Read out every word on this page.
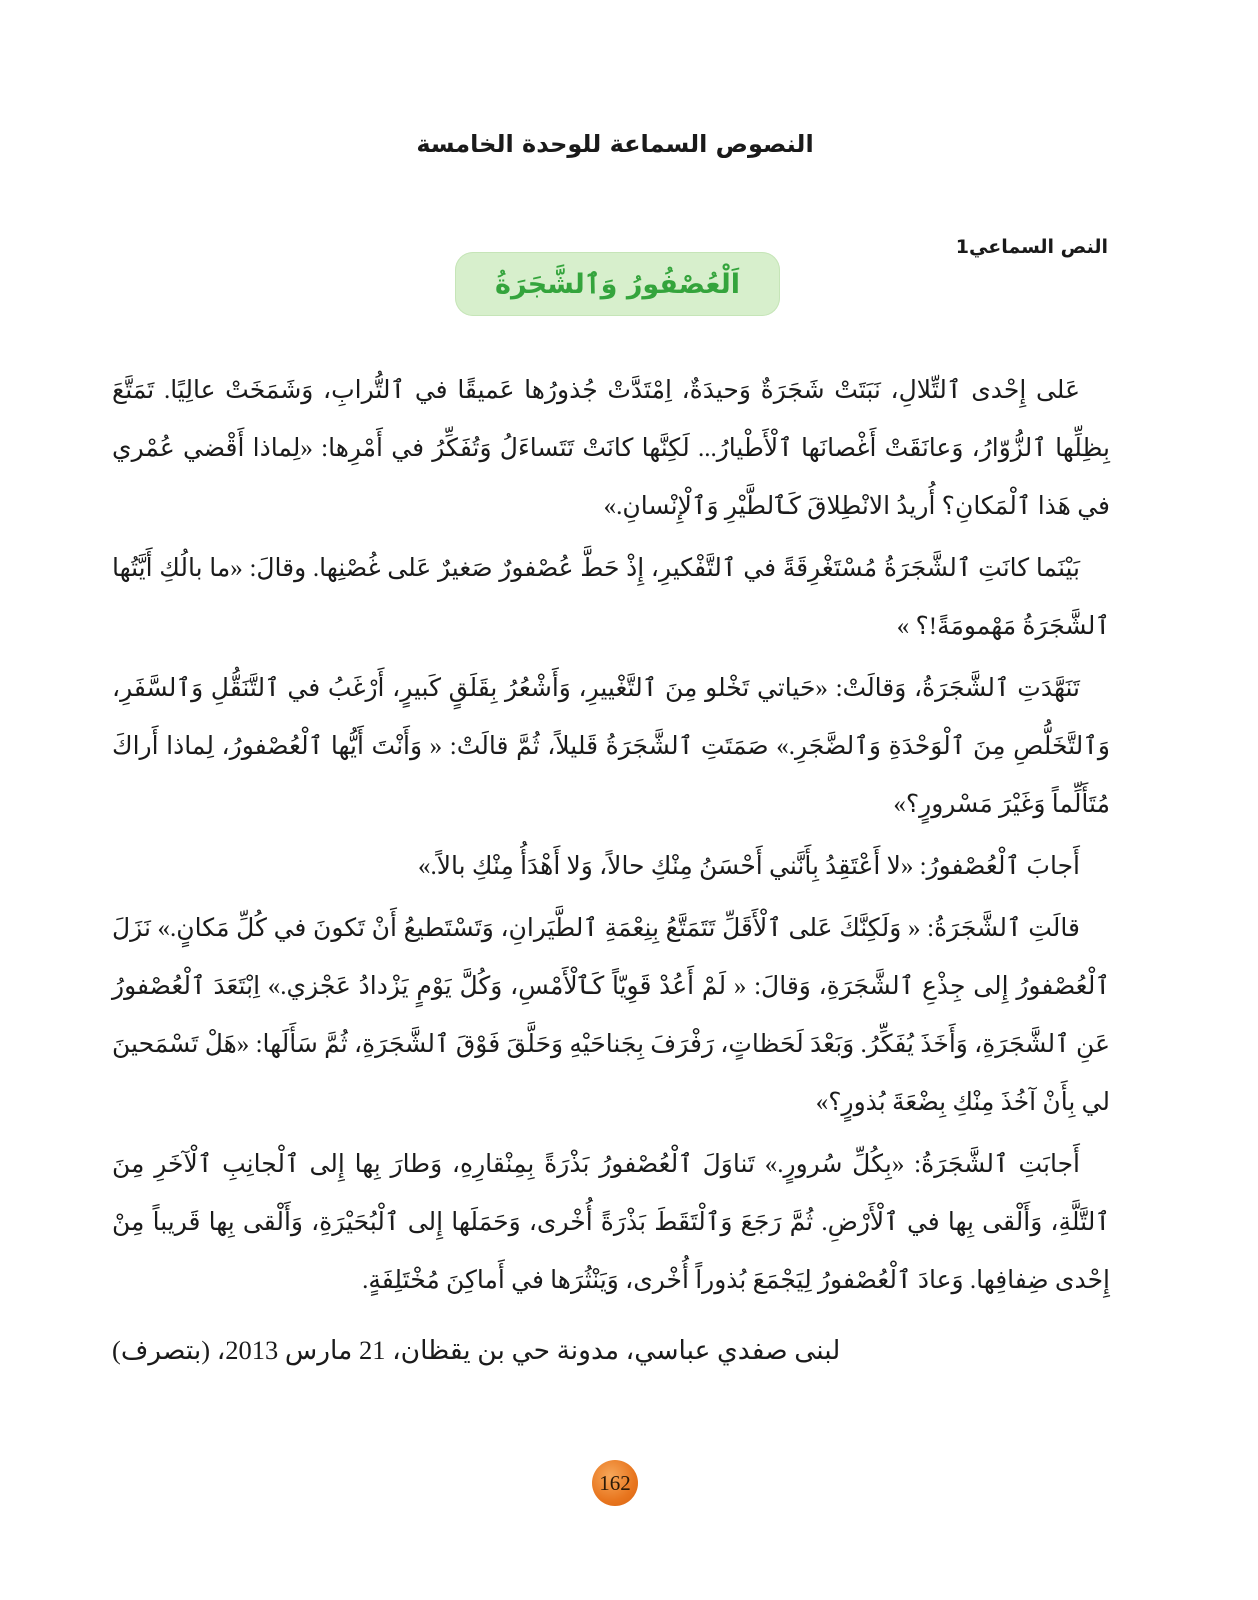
النصوص السماعة للوحدة الخامسة
النص السماعي1
اَلْعُصْفُورُ وَٱلشَّجَرَةُ

عَلى إِحْدى ٱلتِّلالِ، نَبَتَتْ شَجَرَةٌ وَحيدَةٌ، اِمْتَدَّتْ جُذورُها عَميقًا في ٱلتُّرابِ، وَشَمَخَتْ عالِيًا. تَمَتَّعَ بِظِلِّها ٱلزُّوّارُ، وَعانَقَتْ أَغْصانَها ٱلْأَطْيارُ... لَكِنَّها كانَتْ تَتَساءَلُ وَتُفَكِّرُ في أَمْرِها: «لِماذا أَقْضي عُمْري في هَذا ٱلْمَكانِ؟ أُريدُ الانْطِلاقَ كَٱلطَّيْرِ وَٱلْإِنْسانِ.»

بَيْنَما كانَتِ ٱلشَّجَرَةُ مُسْتَغْرِقَةً في ٱلتَّفْكيرِ، إِذْ حَطَّ عُصْفورٌ صَغيرٌ عَلى غُصْنِها. وقالَ: «ما بالُكِ أَيَّتُها ٱلشَّجَرَةُ مَهْمومَةً!؟ »

تَنَهَّدَتِ ٱلشَّجَرَةُ، وَقالَتْ: «حَياتي تَخْلو مِنَ ٱلتَّغْييرِ، وَأَشْعُرُ بِقَلَقٍ كَبيرٍ، أَرْغَبُ في ٱلتَّنَقُّلِ وَٱلسَّفَرِ، وَٱلتَّخَلُّصِ مِنَ ٱلْوَحْدَةِ وَٱلضَّجَرِ.» صَمَتَتِ ٱلشَّجَرَةُ قَليلاً، ثُمَّ قالَتْ: « وَأَنْتَ أَيُّها ٱلْعُصْفورُ، لِماذا أَراكَ مُتَأَلِّماً وَغَيْرَ مَسْرورٍ؟»

أَجابَ ٱلْعُصْفورُ: «لا أَعْتَقِدُ بِأَنَّني أَحْسَنُ مِنْكِ حالاً، وَلا أَهْدَأُ مِنْكِ بالاً.»

قالَتِ ٱلشَّجَرَةُ: « وَلَكِنَّكَ عَلى ٱلْأَقَلِّ تَتَمَتَّعُ بِنِعْمَةِ ٱلطَّيَرانِ، وَتَسْتَطيعُ أَنْ تَكونَ في كُلِّ مَكانٍ.» نَزَلَ ٱلْعُصْفورُ إِلى جِذْعِ ٱلشَّجَرَةِ، وَقالَ: « لَمْ أَعُدْ قَوِيّاً كَٱلْأَمْسِ، وَكُلَّ يَوْمٍ يَزْدادُ عَجْزي.» اِبْتَعَدَ ٱلْعُصْفورُ عَنِ ٱلشَّجَرَةِ، وَأَخَذَ يُفَكِّرُ. وَبَعْدَ لَحَظاتٍ، رَفْرَفَ بِجَناحَيْهِ وَحَلَّقَ فَوْقَ ٱلشَّجَرَةِ، ثُمَّ سَأَلَها: «هَلْ تَسْمَحينَ لي بِأَنْ آخُذَ مِنْكِ بِضْعَةَ بُذورٍ؟»

أَجابَتِ ٱلشَّجَرَةُ: «بِكُلِّ سُرورٍ.» تَناوَلَ ٱلْعُصْفورُ بَذْرَةً بِمِنْقارِهِ، وَطارَ بِها إِلى ٱلْجانِبِ ٱلْآخَرِ مِنَ ٱلتَّلَّةِ، وَأَلْقى بِها في ٱلْأَرْضِ. ثُمَّ رَجَعَ وَٱلْتَقَطَ بَذْرَةً أُخْرى، وَحَمَلَها إِلى ٱلْبُحَيْرَةِ، وَأَلْقى بِها قَريباً مِنْ إِحْدى ضِفافِها. وَعادَ ٱلْعُصْفورُ لِيَجْمَعَ بُذوراً أُخْرى، وَيَنْثُرَها في أَماكِنَ مُخْتَلِفَةٍ.

لبنى صفدي عباسي، مدونة حي بن يقظان، 21 مارس 2013، (بتصرف)

162
